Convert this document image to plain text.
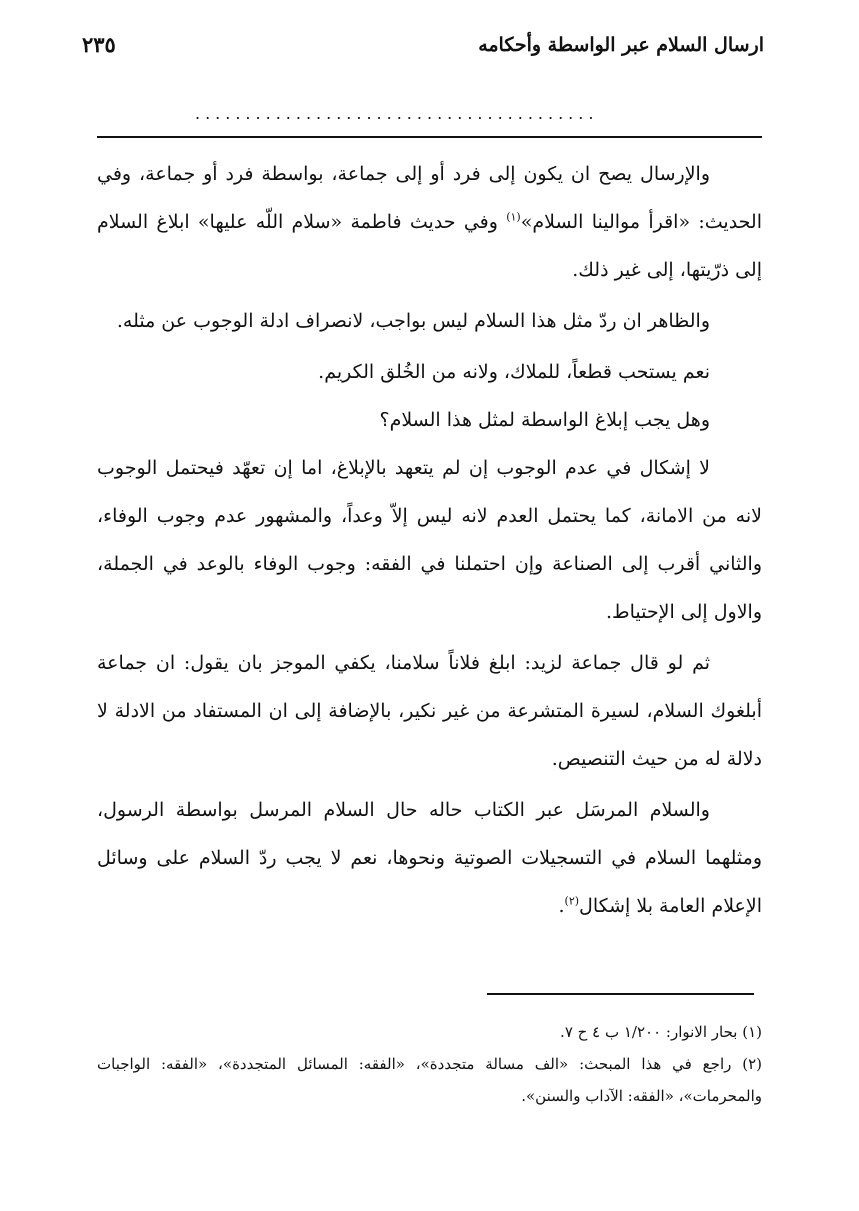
ارسال السلام عبر الواسطة وأحكامه
٢٣٥
........................................

والإرسال يصح ان يكون إلى فرد أو إلى جماعة، بواسطة فرد أو جماعة، وفي الحديث: «اقرأ موالينا السلام»$^{(١)}$ وفي حديث فاطمة «سلام اللّه عليها» ابلاغ السلام إلى ذرّيتها، إلى غير ذلك.

والظاهر ان ردّ مثل هذا السلام ليس بواجب، لانصراف ادلة الوجوب عن مثله.

نعم يستحب قطعاً، للملاك، ولانه من الخُلق الكريم.

وهل يجب إبلاغ الواسطة لمثل هذا السلام؟

لا إشكال في عدم الوجوب إن لم يتعهد بالإبلاغ، اما إن تعهّد فيحتمل الوجوب لانه من الامانة، كما يحتمل العدم لانه ليس إلاّ وعداً، والمشهور عدم وجوب الوفاء، والثاني أقرب إلى الصناعة وإن احتملنا في الفقه: وجوب الوفاء بالوعد في الجملة، والاول إلى الإحتياط.

ثم لو قال جماعة لزيد: ابلغ فلاناً سلامنا، يكفي الموجز بان يقول: ان جماعة أبلغوك السلام، لسيرة المتشرعة من غير نكير، بالإضافة إلى ان المستفاد من الادلة لا دلالة له من حيث التنصيص.

والسلام المرسَل عبر الكتاب حاله حال السلام المرسل بواسطة الرسول، ومثلهما السلام في التسجيلات الصوتية ونحوها، نعم لا يجب ردّ السلام على وسائل الإعلام العامة بلا إشكال$^{(٢)}$.

(١) بحار الانوار: ١/٢٠٠ ب ٤ ح ٧.

(٢) راجع في هذا المبحث: «الف مسالة متجددة»، «الفقه: المسائل المتجددة»، «الفقه: الواجبات والمحرمات»، «الفقه: الآداب والسنن».
